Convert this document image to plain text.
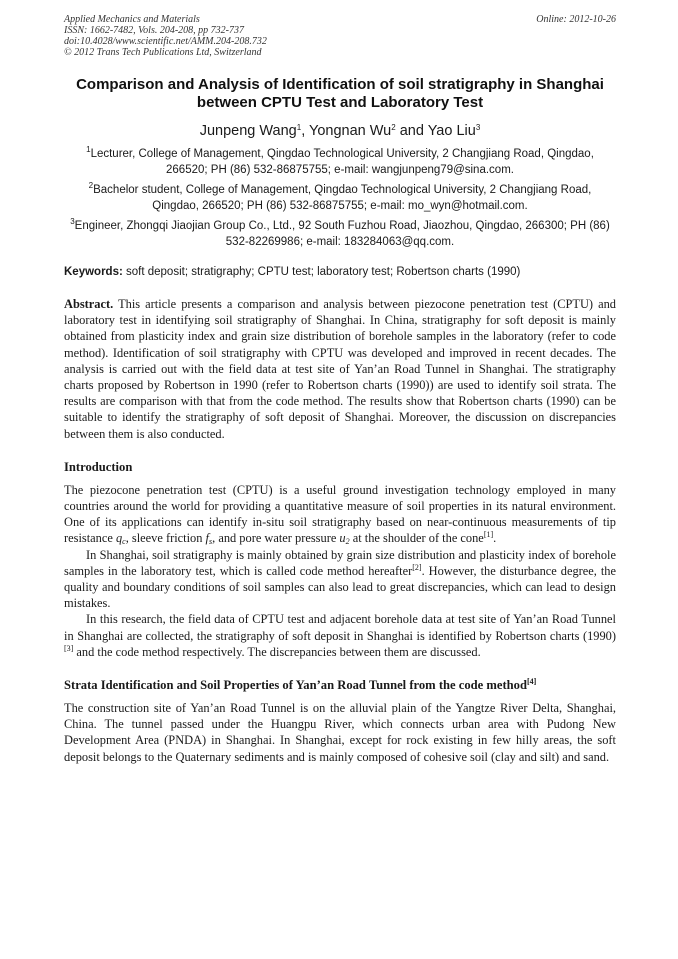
Applied Mechanics and Materials
ISSN: 1662-7482, Vols. 204-208, pp 732-737
doi:10.4028/www.scientific.net/AMM.204-208.732
© 2012 Trans Tech Publications Ltd, Switzerland
Online: 2012-10-26
Comparison and Analysis of Identification of soil stratigraphy in Shanghai between CPTU Test and Laboratory Test
Junpeng Wang$^1$, Yongnan Wu$^2$ and Yao Liu$^3$
$^1$Lecturer, College of Management, Qingdao Technological University, 2 Changjiang Road, Qingdao, 266520; PH (86) 532-86875755; e-mail: wangjunpeng79@sina.com.
$^2$Bachelor student, College of Management, Qingdao Technological University, 2 Changjiang Road, Qingdao, 266520; PH (86) 532-86875755; e-mail: mo_wyn@hotmail.com.
$^3$Engineer, Zhongqi Jiaojian Group Co., Ltd., 92 South Fuzhou Road, Jiaozhou, Qingdao, 266300; PH (86) 532-82269986; e-mail: 183284063@qq.com.
Keywords: soft deposit; stratigraphy; CPTU test; laboratory test; Robertson charts (1990)

Abstract. This article presents a comparison and analysis between piezocone penetration test (CPTU) and laboratory test in identifying soil stratigraphy of Shanghai. In China, stratigraphy for soft deposit is mainly obtained from plasticity index and grain size distribution of borehole samples in the laboratory (refer to code method). Identification of soil stratigraphy with CPTU was developed and improved in recent decades. The analysis is carried out with the field data at test site of Yan’an Road Tunnel in Shanghai. The stratigraphy charts proposed by Robertson in 1990 (refer to Robertson charts (1990)) are used to identify soil strata. The results are comparison with that from the code method. The results show that Robertson charts (1990) can be suitable to identify the stratigraphy of soft deposit of Shanghai. Moreover, the discussion on discrepancies between them is also conducted.

Introduction

The piezocone penetration test (CPTU) is a useful ground investigation technology employed in many countries around the world for providing a quantitative measure of soil properties in its natural environment. One of its applications can identify in-situ soil stratigraphy based on near-continuous measurements of tip resistance $q_c$, sleeve friction $f_s$, and pore water pressure $u_2$ at the shoulder of the cone[1].

In Shanghai, soil stratigraphy is mainly obtained by grain size distribution and plasticity index of borehole samples in the laboratory test, which is called code method hereafter[2]. However, the disturbance degree, the quality and boundary conditions of soil samples can also lead to great discrepancies, which can lead to design mistakes.

In this research, the field data of CPTU test and adjacent borehole data at test site of Yan’an Road Tunnel in Shanghai are collected, the stratigraphy of soft deposit in Shanghai is identified by Robertson charts (1990)[3] and the code method respectively. The discrepancies between them are discussed.

Strata Identification and Soil Properties of Yan’an Road Tunnel from the code method[4]

The construction site of Yan’an Road Tunnel is on the alluvial plain of the Yangtze River Delta, Shanghai, China. The tunnel passed under the Huangpu River, which connects urban area with Pudong New Development Area (PNDA) in Shanghai. In Shanghai, except for rock existing in few hilly areas, the soft deposit belongs to the Quaternary sediments and is mainly composed of cohesive soil (clay and silt) and sand.
